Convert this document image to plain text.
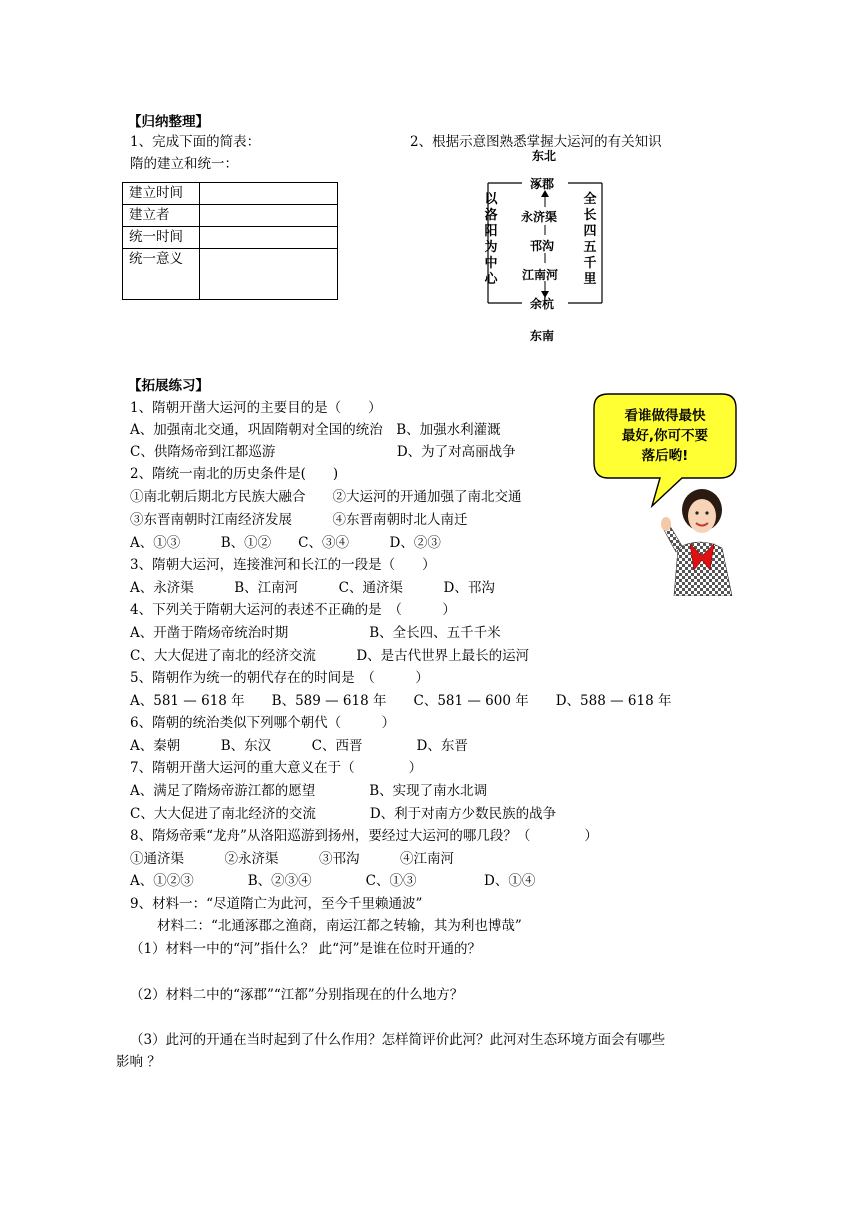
【归纳整理】
1、完成下面的简表：
隋的建立和统一：
2、根据示意图熟悉掌握大运河的有关知识
建立时间	
建立者	
统一时间	
统一意义	
东北
涿郡
永济渠
邗沟
江南河
余杭
东南
以洛阳为中心
全长四五千里
看谁做得最快
最好,你可不要
落后哟!
【拓展练习】
1、隋朝开凿大运河的主要目的是（　　）
A、加强南北交通，巩固隋朝对全国的统治　B、加强水利灌溉
C、供隋炀帝到江都巡游　　　　　　　　　D、为了对高丽战争
2、隋统一南北的历史条件是(　　)
①南北朝后期北方民族大融合　　②大运河的开通加强了南北交通
③东晋南朝时江南经济发展　　　④东晋南朝时北人南迁
A、①③　　　B、①②　　C、③④　　　D、②③
3、隋朝大运河，连接淮河和长江的一段是（　　）
A、永济渠　　　B、江南河　　　C、通济渠　　　D、邗沟
4、下列关于隋朝大运河的表述不正确的是　（　　　）
A、开凿于隋炀帝统治时期　　　　　　B、全长四、五千千米
C、大大促进了南北的经济交流　　　D、是古代世界上最长的运河
5、隋朝作为统一的朝代存在的时间是　（　　　）
A、581 — 618 年　　B、589 — 618 年　　C、581 — 600 年　　D、588 — 618 年
6、隋朝的统治类似下列哪个朝代（　　　）
A、秦朝　　　B、东汉　　　C、西晋　　　　D、东晋
7、隋朝开凿大运河的重大意义在于（　　　　）
A、满足了隋炀帝游江都的愿望　　　　B、实现了南水北调
C、大大促进了南北经济的交流　　　　D、利于对南方少数民族的战争
8、隋炀帝乘“龙舟”从洛阳巡游到扬州，要经过大运河的哪几段？（　　　　）
①通济渠　　　②永济渠　　　③邗沟　　　④江南河
A、①②③　　　　B、②③④　　　　C、①③　　　　　D、①④
9、材料一：“尽道隋亡为此河，至今千里赖通波”
　　材料二：“北通涿郡之渔商，南运江都之转输，其为利也博哉”
（1）材料一中的“河”指什么？ 此“河”是谁在位时开通的？
（2）材料二中的“涿郡”“江都”分别指现在的什么地方？
（3）此河的开通在当时起到了什么作用？怎样简评价此河？此河对生态环境方面会有哪些
影响 ？
